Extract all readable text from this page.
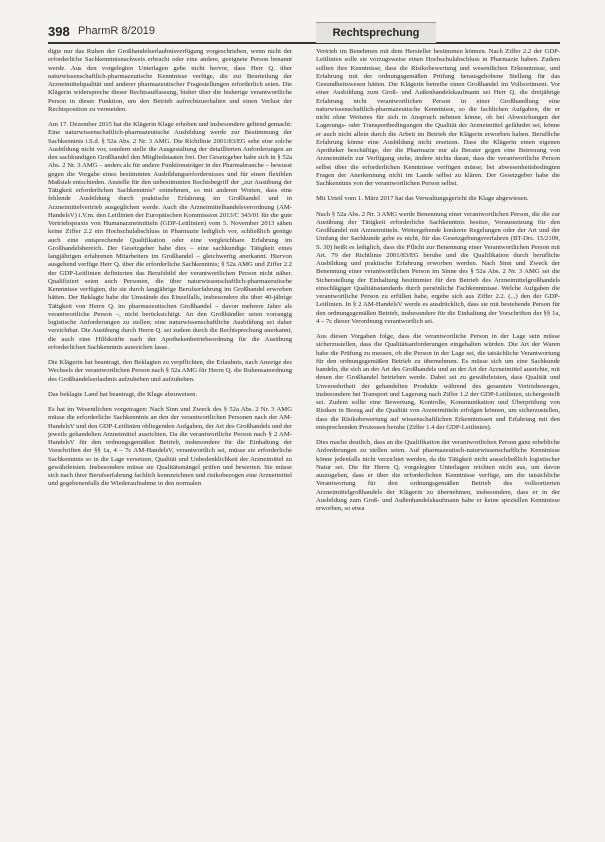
398 PharmR 8/2019	Rechtsprechung

digte nur das Ruhen der Großhandelserlaubnisverfügung vorgeschrieben, wenn nicht der erforderliche Sachkenntnisnachweis erbracht oder eine andere, geeignete Person benannt werde. Aus den vorgelegten Unterlagen gehe nicht hervor, dass Herr Q. über naturwissenschaftlich-pharmazeutische Kenntnisse verfüge, die zur Beurteilung der Arzneimittelqualität und anderer pharmazeutischer Fragestellungen erforderlich seien. Die Klägerin widerspreche dieser Rechtsauffassung, bisher über die bisherige verantwortliche Person in dieser Funktion, um den Betrieb aufrechtzuerhalten und einen Verlust der Rechtsposition zu vermeiden.

Am 17. Dezember 2015 hat die Klägerin Klage erhoben und insbesondere geltend gemacht: Eine naturwissenschaftlich-pharmazeutische Ausbildung werde zur Bestimmung der Sachkenntnis i.S.d. § 52a Abs. 2 Nr. 3 AMG. Die Richtlinie 2001/83/EG sehe eine solche Ausbildung nicht vor, sondern stelle die Ausgestaltung der detaillierten Anforderungen an den sachkundigen Großhandel den Mitgliedstaaten frei. Der Gesetzgeber habe sich in § 52a Abs. 2 Nr. 3 AMG – anders als für andere Funktionsträger in der Pharmabranche – bewusst gegen die Vorgabe eines bestimmten Ausbildungserfordernisses und für einen flexiblen Maßstab entschieden. Anstelle für den unbestimmten Rechtsbegriff der „zur Ausübung der Tätigkeit erforderlichen Sachkenntnis“ entnehmen, so mit anderen Worten, dass eine fehlende Ausbildung durch praktische Erfahrung im Großhandel und in Arzneimittelvertrieb ausgeglichen werde. Auch die Arzneimittelhandelsverordnung (AM-HandelsV) i.V.m. den Leitlinien der Europäischen Kommission 2013/C 343/01 für die gute Vertriebspraxis von Humanarzneimitteln (GDP-Leitlinien) vom 5. November 2013 sähen keine Ziffer 2.2 ein Hochschulabschluss in Pharmazie lediglich vor, schließlich genüge auch eine entsprechende Qualifikation oder eine vergleichbare Erfahrung im Großhandelsbereich. Der Gesetzgeber habe dies – eine sachkundige Tätigkeit eines langjährigen erfahrenen Mitarbeiters im Großhandel – gleichwertig anerkannt. Hiervon ausgehend verfüge Herr Q. über die erforderliche Sachkenntnis; § 52a AMG und Ziffer 2.2 der GDP-Leitlinien definierten das Berufsbild der verantwortlichen Person nicht näher. Qualifiziert seien auch Personen, die über naturwissenschaftlich-pharmazeutische Kenntnisse verfügten, die sie durch langjährige Berufserfahrung im Großhandel erworben hätten. Der Beklagte habe die Umstände des Einzelfalls, insbesondere die über 40-jährige Tätigkeit von Herrn Q. im pharmazeutischen Großhandel – davon mehrere Jahre als verantwortliche Person –, nicht berücksichtigt. An den Großhändler seien vorrangig logistische Anforderungen zu stellen; eine naturwissenschaftliche Ausbildung sei daher verzichtbar. Die Ausübung durch Herrn Q. sei zudem durch die Rechtsprechung anerkannt, die auch eine Hilfskräfte nach der Apothekenbetriebsordnung für die Ausübung erforderlichen Sachkenntnis ausreichen lasse.

Die Klägerin hat beantragt, den Beklagten zu verpflichten, die Erlaubnis, nach Anzeige des Wechsels der verantwortlichen Person nach § 52a AMG für Herrn Q. die Ruhensanordnung des Großhandelserlaubnis aufzuheben und aufzuheben.

Das beklagte Land hat beantragt, die Klage abzuweisen.

Es hat im Wesentlichen vorgetragen: Nach Sinn und Zweck des § 52a Abs. 2 Nr. 3 AMG müsse die erforderliche Sachkenntnis an den der verantwortlichen Personen nach der AM-HandelsV und den GDP-Leitlinien obliegenden Aufgaben, der Art des Großhandels und der jeweils gehandelten Arzneimittel ausrichten. Da die verantwortliche Person nach § 2 AM-HandelsV für den ordnungsgemäßen Betrieb, insbesondere für die Einhaltung der Vorschriften der §§ 1a, 4 – 7c AM-HandelsV, verantwortlich sei, müsse sie erforderliche Sachkenntnis so in die Lage versetzen, Qualität und Unbedenklichkeit der Arzneimittel zu gewährleisten. Insbesondere müsse sie Qualitätsmängel prüfen und bewerten. Sie müsse sich nach ihrer Berufserfahrung fachlich kennzeichnen und risikobezogen eine Arzneimittel und gegebenenfalls die Wiederaufnahme in den normalen

Vertrieb im Benehmen mit dem Hersteller bestimmen können. Nach Ziffer 2.2 der GDP-Leitlinien solle sie vorzugsweise einen Hochschulabschluss in Pharmazie haben. Zudem sollten ihre Kenntnisse, dass die Risikobewertung und wesentlichen Erkenntnisse, und Erfahrung mit der ordnungsgemäßen Prüfung herausgehobene Stellung für das Gesundheitswesen hätten. Die Klägerin betreibe einen Großhandel im Vollsortiment. Vor einer Ausbildung zum Groß- und Außenhandelskaufmann sei Herr Q. die dreijährige Erfahrung nicht verantwortlichen Person in einer Großhandlung eine naturwissenschaftlich-pharmazeutische Kenntnisse, so die fachlichen Aufgaben, die er nicht ohne Weiteres für sich in Anspruch nehmen könne, ob bei Abweichungen der Lagerungs- oder Transportbedingungen die Qualität der Arzneimittel gefährdet sei, könne er auch nicht allein durch die Arbeit im Betrieb der Klägerin erworben haben. Berufliche Erfahrung könne eine Ausbildung nicht ersetzen. Dass die Klägerin einen eigenen Apotheker beschäftige, der die Pharmazie nur als Berater gegen eine Betreuung von Arzneimitteln zur Verfügung stehe, ändere nichts daran, dass die verantwortliche Person selbst über die erforderlichen Kenntnisse verfügen müsse; bei abwesenheitsbedingten Fragen der Anerkennung nicht im Lande selbst zu klären. Der Gesetzgeber habe die Sachkenntnis von der verantwortlichen Person selbst.

Mit Urteil vom 1. März 2017 hat das Verwaltungsgericht die Klage abgewiesen.

Nach § 52a Abs. 2 Nr. 3 AMG werde Benennung einer verantwortlichen Person, die die zur Ausübung der Tätigkeit erforderliche Sachkenntnis besitze, Voraussetzung für den Großhandel mit Arzneimitteln. Weitergehende konkrete Regelungen oder der Art und der Umfang der Sachkunde gebe es nicht, für das Gesetzgebungsverfahren (BT-Drs. 15/2109, S. 30) heißt es lediglich, dass die Pflicht zur Benennung einer Verantwortlichen Person mit Art. 79 der Richtlinie 2001/83/EG beruhe und die Qualifikation durch berufliche Ausbildung und praktische Erfahrung erworben werden. Nach Sinn und Zweck der Benennung einer verantwortlichen Person im Sinne des § 52a Abs. 2 Nr. 3 AMG sei die Sicherstellung der Einhaltung bestimmter für den Betrieb des Arzneimittelgroßhandels einschlägiger Qualitätsstandards durch persönliche Fachkenntnisse. Welche Aufgaben die verantwortliche Person zu erfüllen habe, ergebe sich aus Ziffer 2.2. (...) den der GDP-Leitlinien. In § 2 AM-HandelsV werde es ausdrücklich, dass sie mit bestehende Person für den ordnungsgemäßen Betrieb, insbesondere für die Einhaltung der Vorschriften der §§ 1a, 4 – 7c dieser Verordnung verantwortlich sei.

Aus diesen Vorgaben folge, dass die verantwortliche Person in der Lage sein müsse sicherzustellen, dass die Qualitätsanforderungen eingehalten würden. Die Art der Waren habe die Prüfung zu messen, ob die Person in der Lage sei, die tatsächliche Verantwortung für den ordnungsgemäßen Betrieb zu übernehmen. Es müsse sich um eine Sachkunde handeln, die sich an der Art des Großhandels und an der Art der Arzneimittel ausrichte, mit denen der Großhandel betrieben werde. Dabei sei zu gewährleisten, dass Qualität und Unversehrtheit der gehandelten Produkte während des gesamten Vertriebsweges, insbesondere bei Transport und Lagerung nach Ziffer 1.2 der GDP-Leitlinien, sichergestellt sei. Zudem sollte eine Bewertung, Kontrolle, Kommunikation und Überprüfung von Risiken in Bezug auf die Qualität von Arzneimitteln erfolgen können, um sicherzustellen, dass die Risikobewertung auf wissenschaftlichen Erkenntnissen und Erfahrung mit den entsprechenden Prozessen beruhe (Ziffer 1.4 der GDP-Leitlinien).

Dies mache deutlich, dass an die Qualifikation der verantwortlichen Person ganz erhebliche Anforderungen zu stellen seien. Auf pharmazeutisch-naturwissenschaftliche Kenntnisse könne jedenfalls nicht verzichtet werden, da die Tätigkeit nicht ausschließlich logistischer Natur sei. Die für Herrn Q. vorgelegten Unterlagen reichten nicht aus, um davon auszugehen, dass er über die erforderlichen Kenntnisse verfüge, um die tatsächliche Verantwortung für den ordnungsgemäßen Betrieb des vollsortierten Arzneimittelgroßhandels der Klägerin zu übernehmen, insbesondere, dass er in der Ausbildung zum Groß- und Außenhandelskaufmann habe er keine speziellen Kenntnisse erworben, so etwa
